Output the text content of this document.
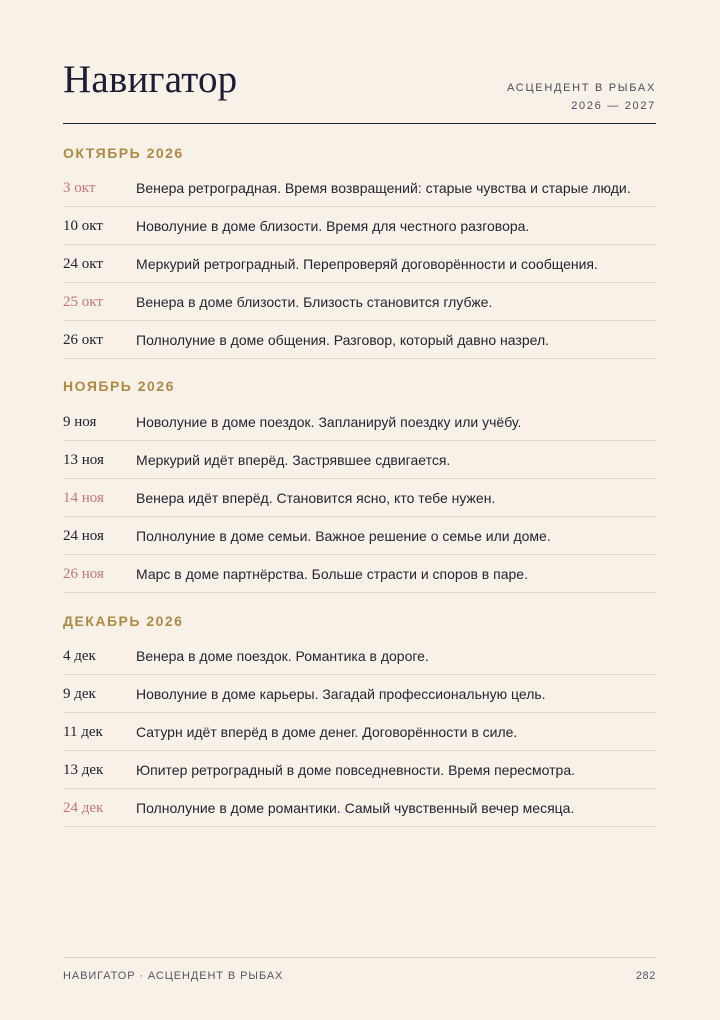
Навигатор	АСЦЕНДЕНТ В РЫБАХ
2026 — 2027
ОКТЯБРЬ 2026
3 окт	Венера ретроградная. Время возвращений: старые чувства и старые люди.
10 окт	Новолуние в доме близости. Время для честного разговора.
24 окт	Меркурий ретроградный. Перепроверяй договорённости и сообщения.
25 окт	Венера в доме близости. Близость становится глубже.
26 окт	Полнолуние в доме общения. Разговор, который давно назрел.
НОЯБРЬ 2026
9 ноя	Новолуние в доме поездок. Запланируй поездку или учёбу.
13 ноя	Меркурий идёт вперёд. Застрявшее сдвигается.
14 ноя	Венера идёт вперёд. Становится ясно, кто тебе нужен.
24 ноя	Полнолуние в доме семьи. Важное решение о семье или доме.
26 ноя	Марс в доме партнёрства. Больше страсти и споров в паре.
ДЕКАБРЬ 2026
4 дек	Венера в доме поездок. Романтика в дороге.
9 дек	Новолуние в доме карьеры. Загадай профессиональную цель.
11 дек	Сатурн идёт вперёд в доме денег. Договорённости в силе.
13 дек	Юпитер ретроградный в доме повседневности. Время пересмотра.
24 дек	Полнолуние в доме романтики. Самый чувственный вечер месяца.
НАВИГАТОР · АСЦЕНДЕНТ В РЫБАХ	282
